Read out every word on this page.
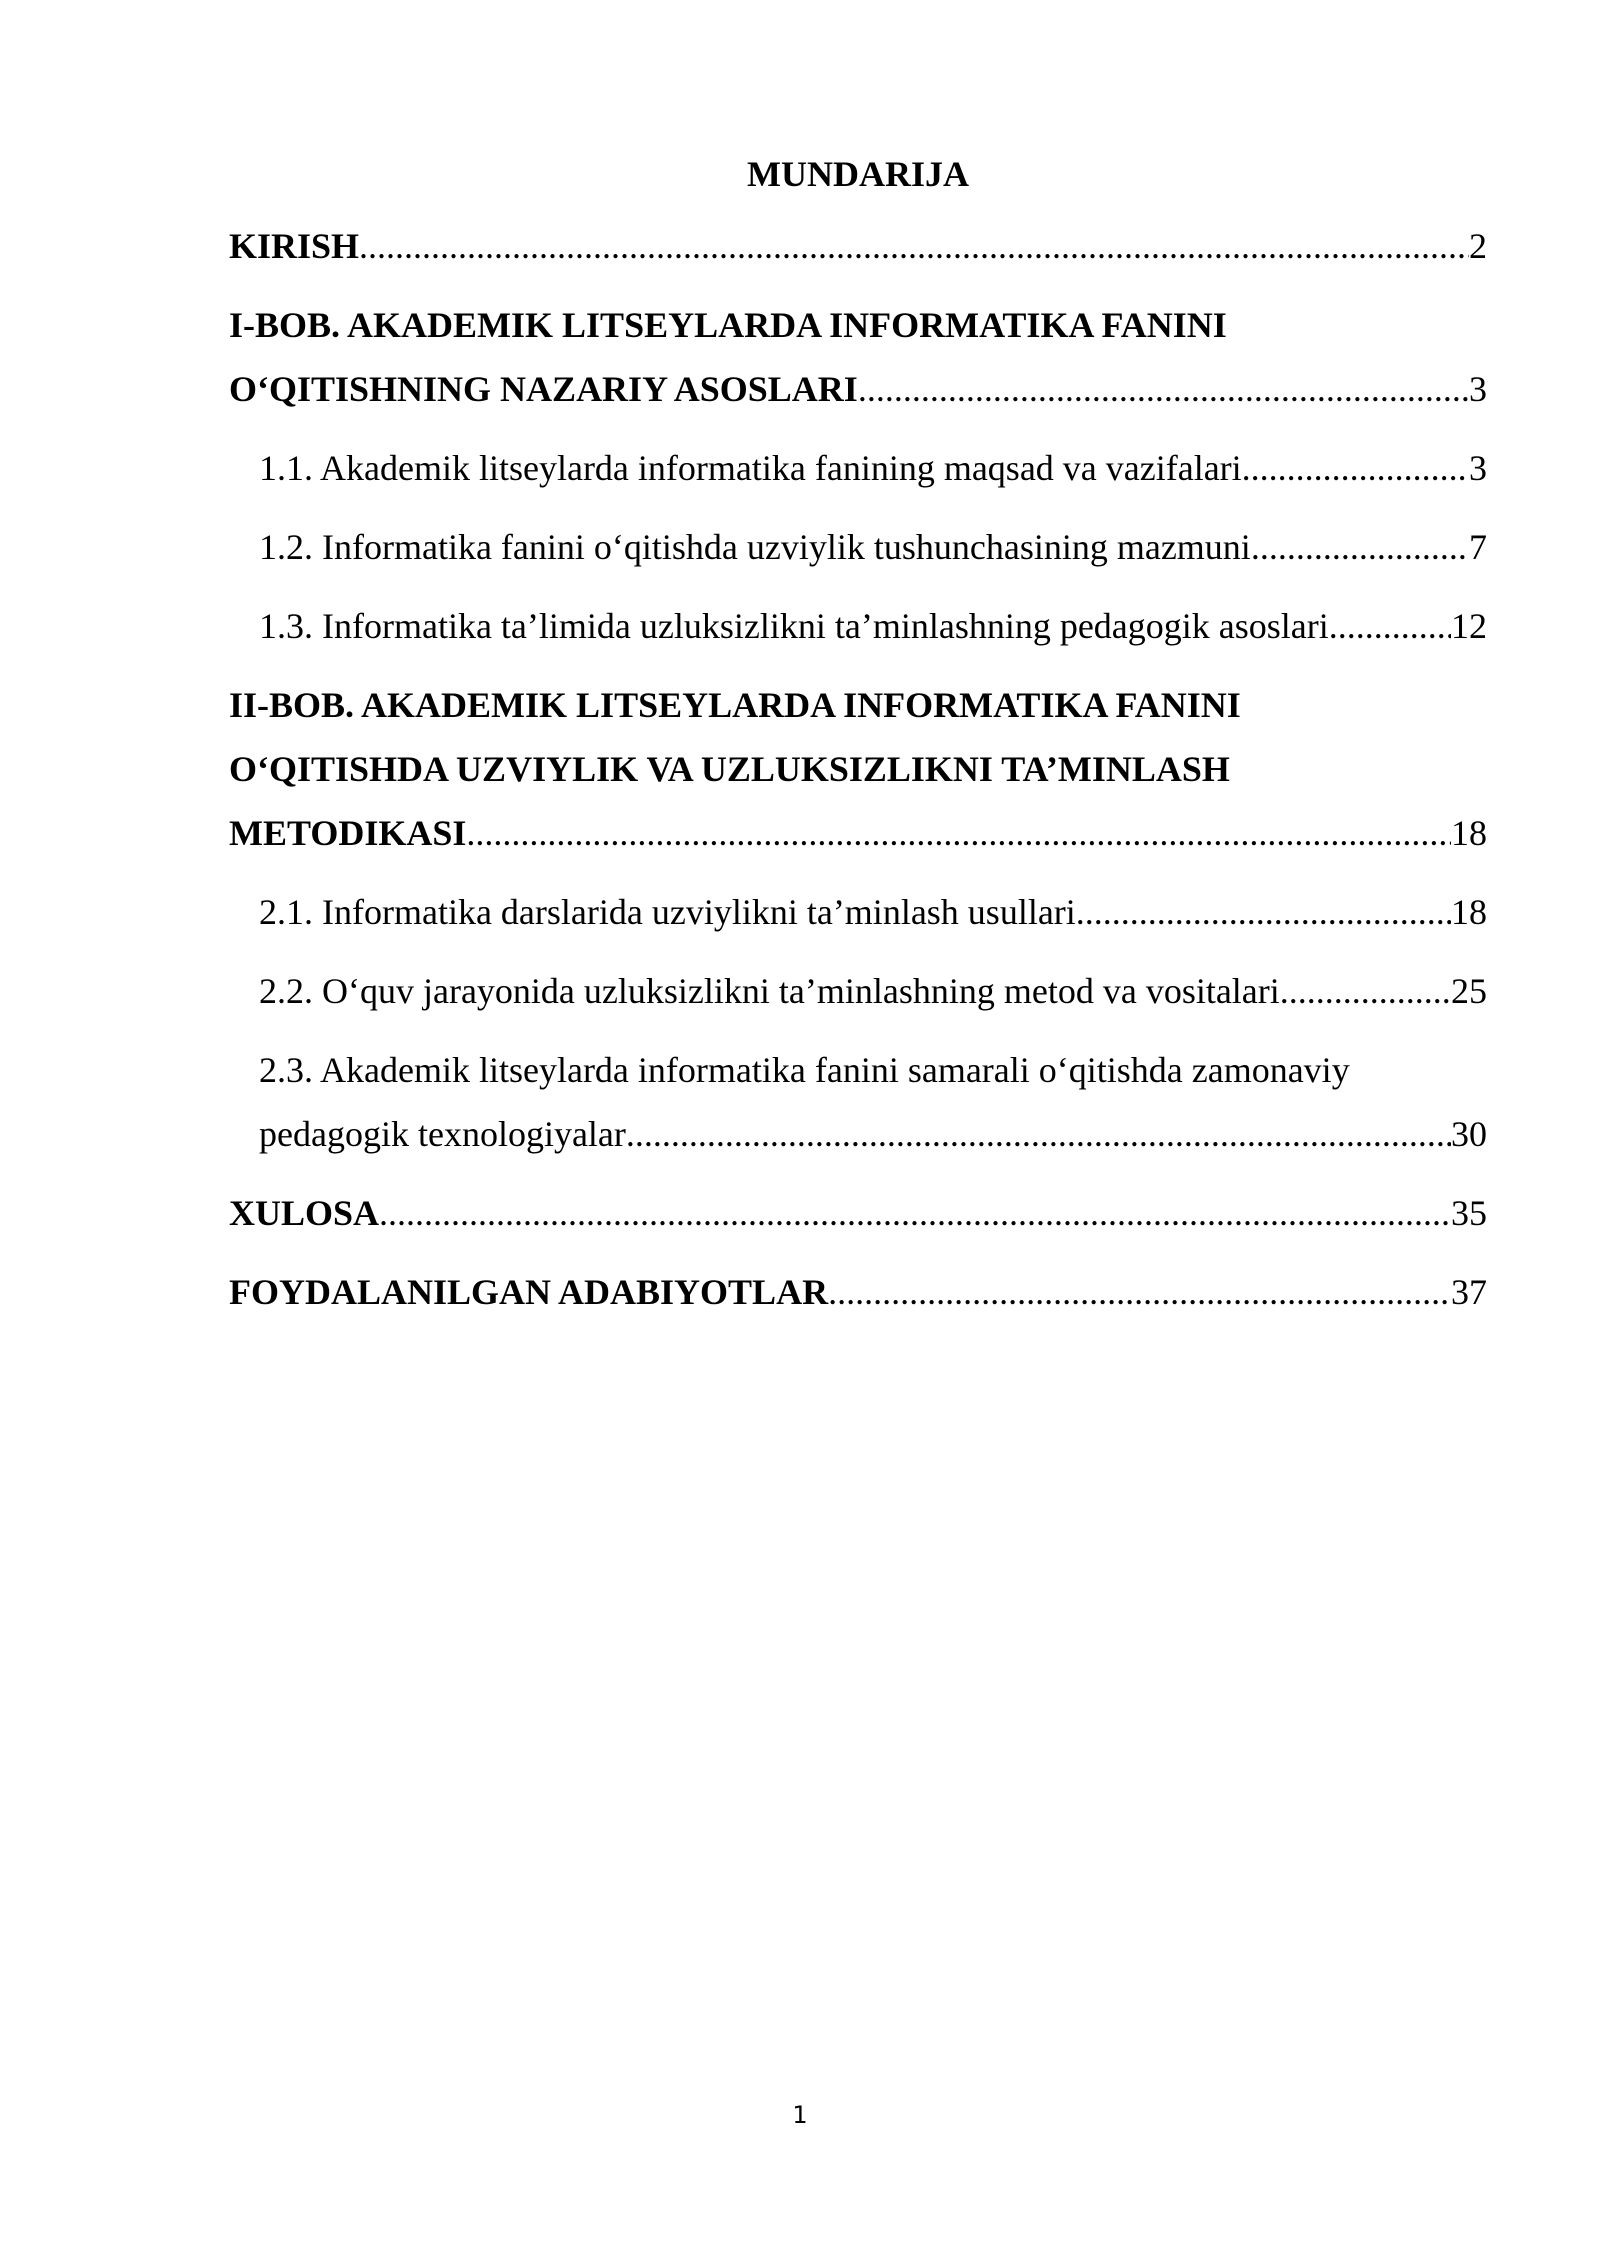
MUNDARIJA
KIRISH .....	2
I-BOB. AKADEMIK LITSEYLARDA INFORMATIKA FANINI
O‘QITISHNING NAZARIY ASOSLARI .....	3
1.1. Akademik litseylarda informatika fanining maqsad va vazifalari .....	3
1.2. Informatika fanini o‘qitishda uzviylik tushunchasining mazmuni .....	7
1.3. Informatika ta’limida uzluksizlikni ta’minlashning pedagogik asoslari .....	12
II-BOB. AKADEMIK LITSEYLARDA INFORMATIKA FANINI
O‘QITISHDA UZVIYLIK VA UZLUKSIZLIKNI TA’MINLASH
METODIKASI .....	18
2.1. Informatika darslarida uzviylikni ta’minlash usullari .....	18
2.2. O‘quv jarayonida uzluksizlikni ta’minlashning metod va vositalari .....	25
2.3. Akademik litseylarda informatika fanini samarali o‘qitishda zamonaviy
pedagogik texnologiyalar .....	30
XULOSA .....	35
FOYDALANILGAN ADABIYOTLAR .....	37
1
